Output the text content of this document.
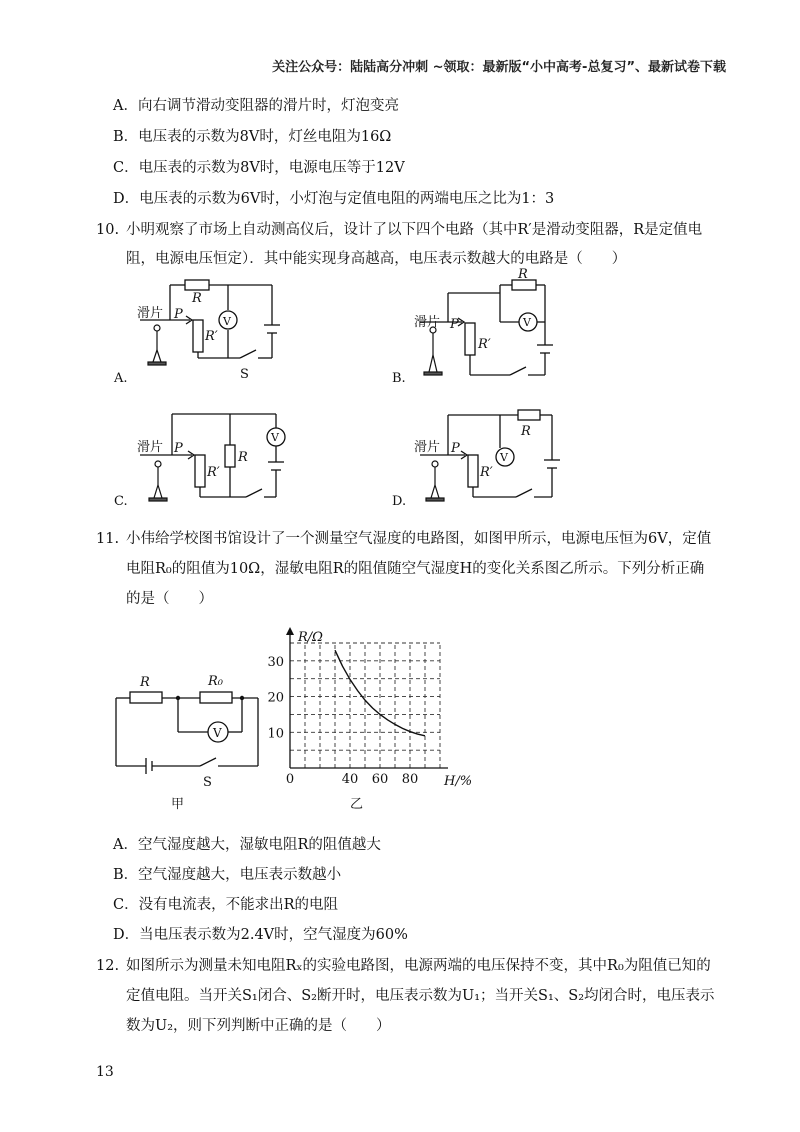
关注公众号：陆陆高分冲刺 ~领取：最新版“小中高考-总复习”、最新试卷下载
A．向右调节滑动变阻器的滑片时，灯泡变亮
B．电压表的示数为8V时，灯丝电阻为16Ω
C．电压表的示数为8V时，电源电压等于12V
D．电压表的示数为6V时，小灯泡与定值电阻的两端电压之比为1：3
10. 小明观察了市场上自动测高仪后，设计了以下四个电路（其中R′是滑动变阻器，R是定值电
阻，电源电压恒定）．其中能实现身高越高，电压表示数越大的电路是（　　）
滑片 P
R
R′
V
S
A.
滑片 P
R
R′
V
B.
滑片 P
R
R′
V
C.
滑片 P
R
R′
V
D.
R	R₀
V
S
甲
11. 小伟给学校图书馆设计了一个测量空气湿度的电路图，如图甲所示，电源电压恒为6V，定值
电阻R₀的阻值为10Ω，湿敏电阻R的阻值随空气湿度H的变化关系图乙所示。下列分析正确
的是（　　）
0	40 60 80
10
20
30
H/%
R/Ω
乙
A．空气湿度越大，湿敏电阻R的阻值越大
B．空气湿度越大，电压表示数越小
C．没有电流表，不能求出R的电阻
D．当电压表示数为2.4V时，空气湿度为60%
12. 如图所示为测量未知电阻Rₓ的实验电路图，电源两端的电压保持不变，其中R₀为阻值已知的
定值电阻。当开关S₁闭合、S₂断开时，电压表示数为U₁；当开关S₁、S₂均闭合时，电压表示
数为U₂，则下列判断中正确的是（　　）
13
